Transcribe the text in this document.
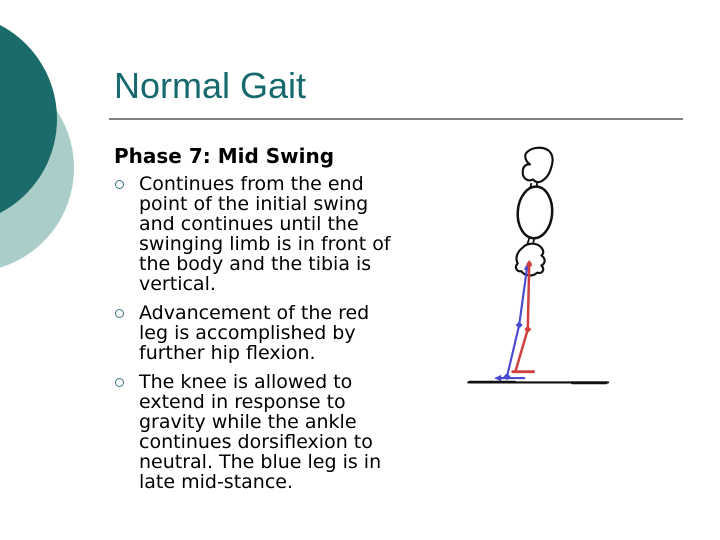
Normal Gait

Phase 7: Mid Swing

Continues from the end point of the initial swing and continues until the swinging limb is in front of the body and the tibia is vertical.
Advancement of the red leg is accomplished by further hip flexion.
The knee is allowed to extend in response to gravity while the ankle continues dorsiflexion to neutral. The blue leg is in late mid-stance.
